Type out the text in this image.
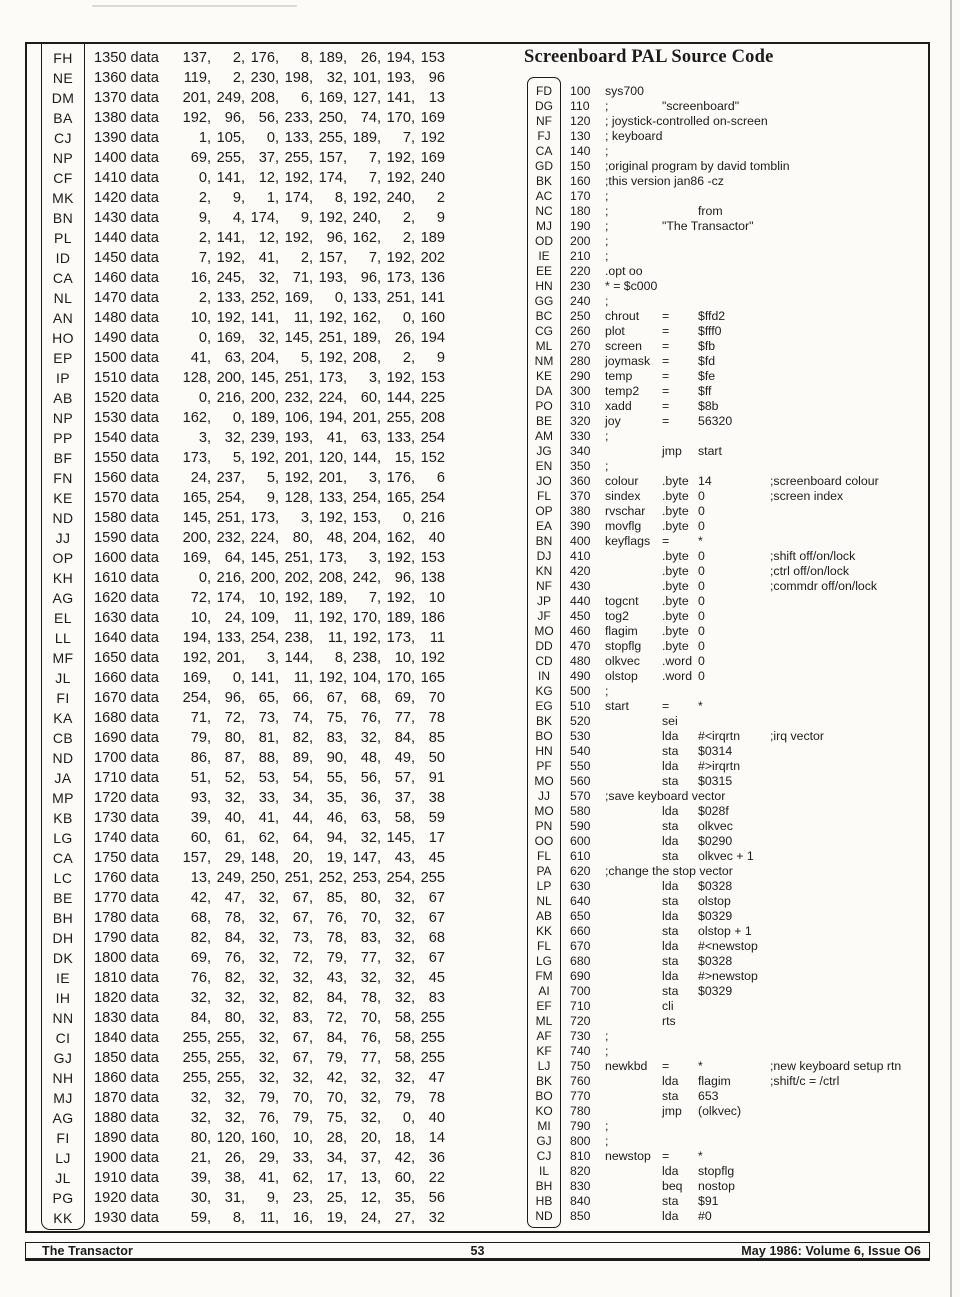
FH	1350 data 137, 2, 176, 8, 189, 26, 194, 153
NE	1360 data 119, 2, 230, 198, 32, 101, 193, 96
DM	1370 data 201, 249, 208, 6, 169, 127, 141, 13
BA	1380 data 192, 96, 56, 233, 250, 74, 170, 169
CJ	1390 data	1, 105, 0, 133, 255, 189, 7, 192
NP	1400 data 69, 255, 37, 255, 157, 7, 192, 169
CF	1410 data	0, 141, 12, 192, 174, 7, 192, 240
MK	1420 data	2, 9, 1, 174, 8, 192, 240, 2
BN	1430 data	9, 4, 174, 9, 192, 240, 2, 9
PL	1440 data	2, 141, 12, 192, 96, 162, 2, 189
ID	1450 data	7, 192, 41, 2, 157, 7, 192, 202
CA	1460 data 16, 245, 32, 71, 193, 96, 173, 136
NL	1470 data	2, 133, 252, 169, 0, 133, 251, 141
AN	1480 data 10, 192, 141, 11, 192, 162, 0, 160
HO	1490 data	0, 169, 32, 145, 251, 189, 26, 194
EP	1500 data 41, 63, 204, 5, 192, 208, 2, 9
IP	1510 data 128, 200, 145, 251, 173, 3, 192, 153
AB	1520 data	0, 216, 200, 232, 224, 60, 144, 225
NP	1530 data 162, 0, 189, 106, 194, 201, 255, 208
PP	1540 data	3, 32, 239, 193, 41, 63, 133, 254
BF	1550 data 173, 5, 192, 201, 120, 144, 15, 152
FN	1560 data 24, 237, 5, 192, 201, 3, 176, 6
KE	1570 data 165, 254, 9, 128, 133, 254, 165, 254
ND	1580 data 145, 251, 173, 3, 192, 153, 0, 216
JJ	1590 data 200, 232, 224, 80, 48, 204, 162, 40
OP	1600 data 169, 64, 145, 251, 173, 3, 192, 153
KH	1610 data	0, 216, 200, 202, 208, 242, 96, 138
AG	1620 data 72, 174, 10, 192, 189, 7, 192, 10
EL	1630 data 10, 24, 109, 11, 192, 170, 189, 186
LL	1640 data 194, 133, 254, 238, 11, 192, 173, 11
MF	1650 data 192, 201, 3, 144, 8, 238, 10, 192
JL	1660 data 169, 0, 141, 11, 192, 104, 170, 165
FI	1670 data 254, 96, 65, 66, 67, 68, 69, 70
KA	1680 data 71, 72, 73, 74, 75, 76, 77, 78
CB	1690 data 79, 80, 81, 82, 83, 32, 84, 85
ND	1700 data 86, 87, 88, 89, 90, 48, 49, 50
JA	1710 data 51, 52, 53, 54, 55, 56, 57, 91
MP	1720 data 93, 32, 33, 34, 35, 36, 37, 38
KB	1730 data 39, 40, 41, 44, 46, 63, 58, 59
LG	1740 data 60, 61, 62, 64, 94, 32, 145, 17
CA	1750 data 157, 29, 148, 20, 19, 147, 43, 45
LC	1760 data 13, 249, 250, 251, 252, 253, 254, 255
BE	1770 data 42, 47, 32, 67, 85, 80, 32, 67
BH	1780 data 68, 78, 32, 67, 76, 70, 32, 67
DH	1790 data 82, 84, 32, 73, 78, 83, 32, 68
DK	1800 data 69, 76, 32, 72, 79, 77, 32, 67
IE	1810 data 76, 82, 32, 32, 43, 32, 32, 45
IH	1820 data 32, 32, 32, 82, 84, 78, 32, 83
NN	1830 data 84, 80, 32, 83, 72, 70, 58, 255
CI	1840 data 255, 255, 32, 67, 84, 76, 58, 255
GJ	1850 data 255, 255, 32, 67, 79, 77, 58, 255
NH	1860 data 255, 255, 32, 32, 42, 32, 32, 47
MJ	1870 data 32, 32, 79, 70, 70, 32, 79, 78
AG	1880 data 32, 32, 76, 79, 75, 32, 0, 40
FI	1890 data 80, 120, 160, 10, 28, 20, 18, 14
LJ	1900 data 21, 26, 29, 33, 34, 37, 42, 36
JL	1910 data 39, 38, 41, 62, 17, 13, 60, 22
PG	1920 data 30, 31, 9, 23, 25, 12, 35, 56
KK	1930 data 59, 8, 11, 16, 19, 24, 27, 32
Screenboard PAL Source Code
FD	100 sys700
DG	110 ;	"screenboard"
NF	120 ; joystick-controlled on-screen
FJ	130 ; keyboard
CA	140 ;
GD	150 ;original program by david tomblin
BK	160 ;this version jan86 -cz
AC	170 ;
NC	180 ;	from
MJ	190 ;	"The Transactor"
OD	200 ;
IE	210 ;
EE	220 .opt oo
HN	230 * = $c000
GG	240 ;
BC	250 chrout = $ffd2
CG	260 plot	= $fff0
ML	270 screen = $fb
NM	280 joymask = $fd
KE	290 temp = $fe
DA	300 temp2 = $ff
PO	310 xadd = $8b
BE	320 joy	= 56320
AM	330 ;
JG	340	jmp start
EN	350 ;
JO	360 colour .byte 14	;screenboard colour
FL	370 sindex .byte 0	;screen index
OP	380 rvschar .byte 0
EA	390 movflg .byte 0
BN	400 keyflags = *
DJ	410	.byte 0	;shift off/on/lock
KN	420	.byte 0	;ctrl off/on/lock
NF	430	.byte 0	;commdr off/on/lock
JP	440 togcnt .byte 0
JF	450 tog2	.byte 0
MO	460 flagim .byte 0
DD	470 stopflg .byte 0
CD	480 olkvec .word 0
IN	490 olstop .word 0
KG	500 ;
EG	510 start	= *
BK	520	sei
BO	530	lda #<irqrtn ;irq vector
HN	540	sta $0314
PF	550	lda #>irqrtn
MO	560	sta $0315
JJ	570 ;save keyboard vector
MO	580	lda $028f
PN	590	sta olkvec
OO	600	lda $0290
FL	610	sta olkvec + 1
PA	620 ;change the stop vector
LP	630	lda $0328
NL	640	sta olstop
AB	650	lda $0329
KK	660	sta olstop + 1
FL	670	lda #<newstop
LG	680	sta $0328
FM	690	lda #>newstop
AI	700	sta $0329
EF	710	cli
ML	720	rts
AF	730 ;
KF	740 ;
LJ	750 newkbd = *	;new keyboard setup rtn
BK	760	lda flagim	;shift/c = /ctrl
BO	770	sta 653
KO	780	jmp (olkvec)
MI	790 ;
GJ	800 ;
CJ	810 newstop = *
IL	820	lda stopflg
BH	830	beq nostop
HB	840	sta $91
ND	850	lda #0
The Transactor	53	May 1986: Volume 6, Issue O6
